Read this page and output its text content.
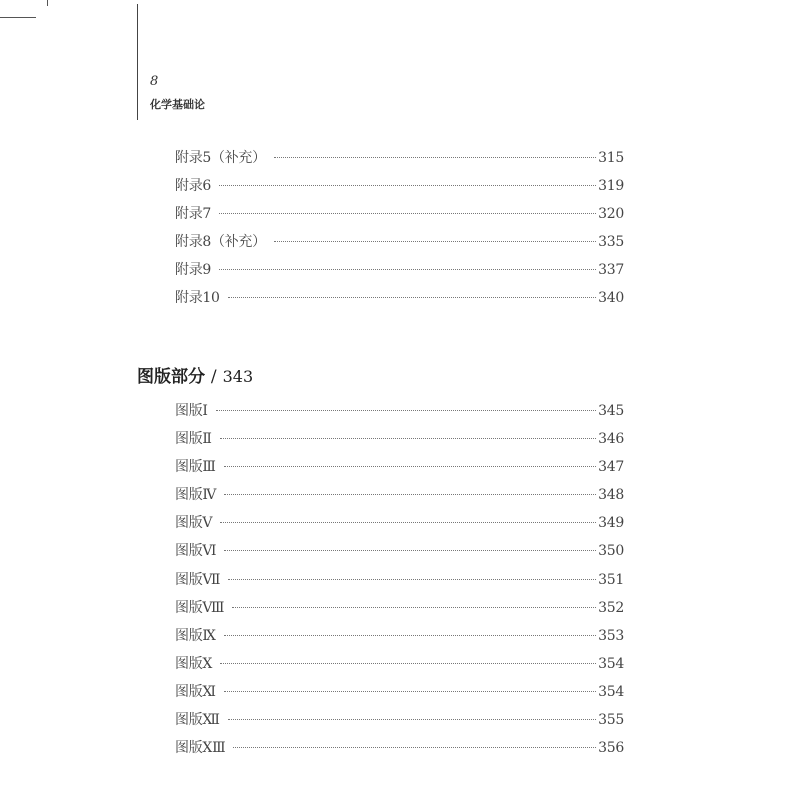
8
化学基础论
附录5（补充）	315
附录6	319
附录7	320
附录8（补充）	335
附录9	337
附录10	340
图版部分 / 343
图版Ⅰ	345
图版Ⅱ	346
图版Ⅲ	347
图版Ⅳ	348
图版Ⅴ	349
图版Ⅵ	350
图版Ⅶ	351
图版Ⅷ	352
图版Ⅸ	353
图版Ⅹ	354
图版Ⅺ	354
图版Ⅻ	355
图版XⅢ	356
